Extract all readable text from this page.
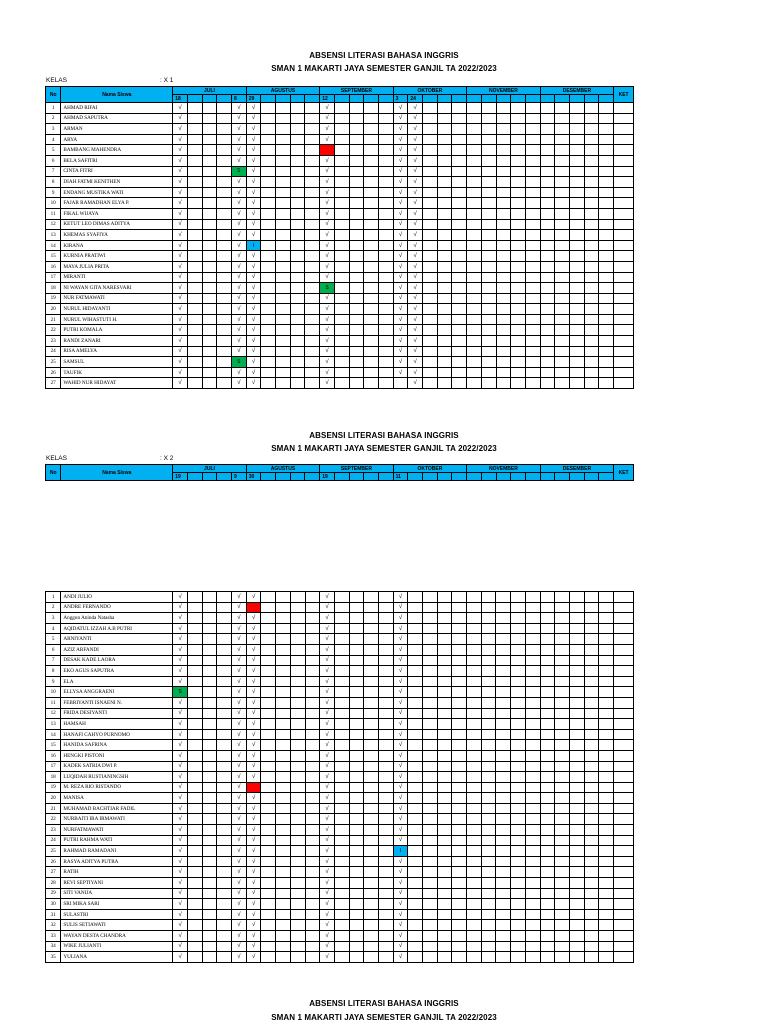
ABSENSI LITERASI BAHASA INGGRIS
SMAN 1 MAKARTI JAYA SEMESTER GANJIL TA 2022/2023
KELAS	: X 1
No	Nama Siswa	JULI					AGUSTUS					SEPTEMBER					OKTOBER					NOVEMBER					DESEMBER					KET
		18				8	29					12					3	24														
1	AHMAD RIFAI	√				√	√					√					√	√														
2	AHMAD SAPUTRA	√				√	√					√					√	√														
3	ARMAN	√				√	√					√					√	√														
4	ARYA	√				√	√					√					√	√														
5	BAMBANG MAHENDRA	√				√	√										√	√														
6	BELA SAFITRI	√				√	√					√					√	√														
7	CINTA FITRI	√				S	√					√					√	√														
8	DIAH FATMI KENITHEN	√				√	√					√					√	√														
9	ENDANG MUSTIKA WATI	√				√	√					√					√	√														
10	FAJAR RAMADHAN ELYA P.	√				√	√					√					√	√														
11	FIKAL WIJAYA	√				√	√					√					√	√														
12	KETUT LEO DIMAS ADITYA	√				√	√					√					√	√														
13	KHEMAS SYAFIYA	√				√	√					√					√	√														
14	KIRANA	√				√	I					√					√	√														
15	KURNIA PRATIWI	√				√	√					√					√	√														
16	MAYA JULIA PRITA	√				√	√					√					√	√														
17	MIRANTI	√				√	√					√					√	√														
18	NI WAYAN GITA NARESVARI	√				√	√					S					√	√														
19	NUR FATMAWATI	√				√	√					√					√	√														
20	NURUL HIDAYANTI	√				√	√					√					√	√														
21	NURUL WIHASTUTI H.	√				√	√					√					√	√														
22	PUTRI KOMALA	√				√	√					√					√	√														
23	RANDI ZANARI	√				√	√					√					√	√														
24	RISA AMELYA	√				√	√					√					√	√														
25	SAMSUL	√				S	√					√					√	√														
26	TAUFIK	√				√	√					√					√	√														
27	WAHID NUR HIDAYAT	√				√	√					√						√														
ABSENSI LITERASI BAHASA INGGRIS
SMAN 1 MAKARTI JAYA SEMESTER GANJIL TA 2022/2023
KELAS	: X 2
No	Nama Siswa	JULI					AGUSTUS					SEPTEMBER					OKTOBER					NOVEMBER					DESEMBER					KET
		19				9	30					19					11															
1	ANDI JULIO	√				√	√					√					√															
2	ANDRE FERNANDO	√				√						√					√															
3	Anggun Aninda Natasha	√				√	√					√					√															
4	AQIDATUL IZZAH A.B PUTRI	√				√	√					√					√															
5	ARNIYANTI	√				√	√					√					√															
6	AZIZ ARFANDI	√				√	√					√					√															
7	DESAK KADE LAORA	√				√	√					√					√															
8	EKO AGUS SAPUTRA	√				√	√					√					√															
9	ELA	√				√	√					√					√															
10	ELLYSA ANGGRAENI	S				√	√					√					√															
11	FEBRIYANTI ISNAENI N.	√				√	√					√					√															
12	FRIDA DESIYANTI	√				√	√					√					√															
13	HAMSAH	√				√	√					√					√															
14	HANAFI CAHYO PURNOMO	√				√	√					√					√															
15	HANIDA SAFRINA	√				√	√					√					√															
16	HENGKI PISTONI	√				√	√					√					√															
17	KADEK SATRIA DWI P.	√				√	√					√					√															
18	LUQIDAH RUSTIANINGSIH	√				√	√					√					√															
19	M. REZA RIO RISTANDO	√				√						√					√															
20	MANISA	√				√	√					√					√															
21	MUHAMAD BACHTIAR FADIL	√				√	√					√					√															
22	NURBAITI IRA IRMAWATI	√				√	√					√					√															
23	NURFATMAWATI	√				√	√					√					√															
24	PUTRI RAHMA WATI	√				√	√					√					√															
25	RAHMAD RAMADANI	√				√	√					√					I															
26	RASYA ADITYA PUTRA	√				√	√					√					√															
27	RATIH	√				√	√					√					√															
28	REVI SEPTIYANI	√				√	√					√					√															
29	SITI VANIJA	√				√	√					√					√															
30	SRI MIKA SARI	√				√	√					√					√															
31	SULASTRI	√				√	√					√					√															
32	SULIS SETIAWATI	√				√	√					√					√															
33	WAYAN DESTA CHANDRA	√				√	√					√					√															
34	WIKE JULIANTI	√				√	√					√					√															
35	YULIANA	√				√	√					√					√															
ABSENSI LITERASI BAHASA INGGRIS
SMAN 1 MAKARTI JAYA SEMESTER GANJIL TA 2022/2023
